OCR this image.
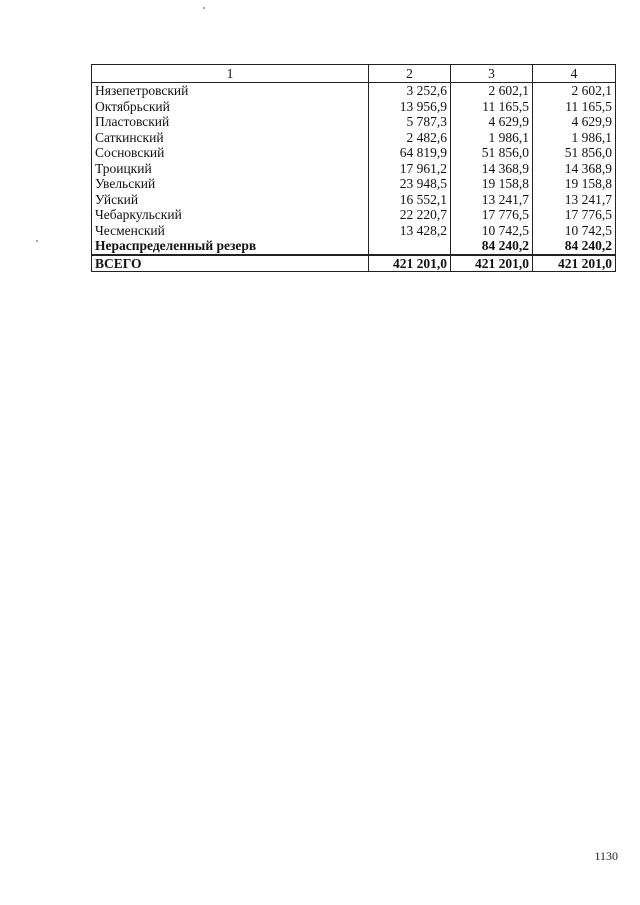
1	2	3	4
Нязепетровский	3 252,6	2 602,1	2 602,1
Октябрьский	13 956,9	11 165,5	11 165,5
Пластовский	5 787,3	4 629,9	4 629,9
Саткинский	2 482,6	1 986,1	1 986,1
Сосновский	64 819,9	51 856,0	51 856,0
Троицкий	17 961,2	14 368,9	14 368,9
Увельский	23 948,5	19 158,8	19 158,8
Уйский	16 552,1	13 241,7	13 241,7
Чебаркульский	22 220,7	17 776,5	17 776,5
Чесменский	13 428,2	10 742,5	10 742,5
Нераспределенный резерв		84 240,2	84 240,2
ВСЕГО	421 201,0	421 201,0	421 201,0
1130
